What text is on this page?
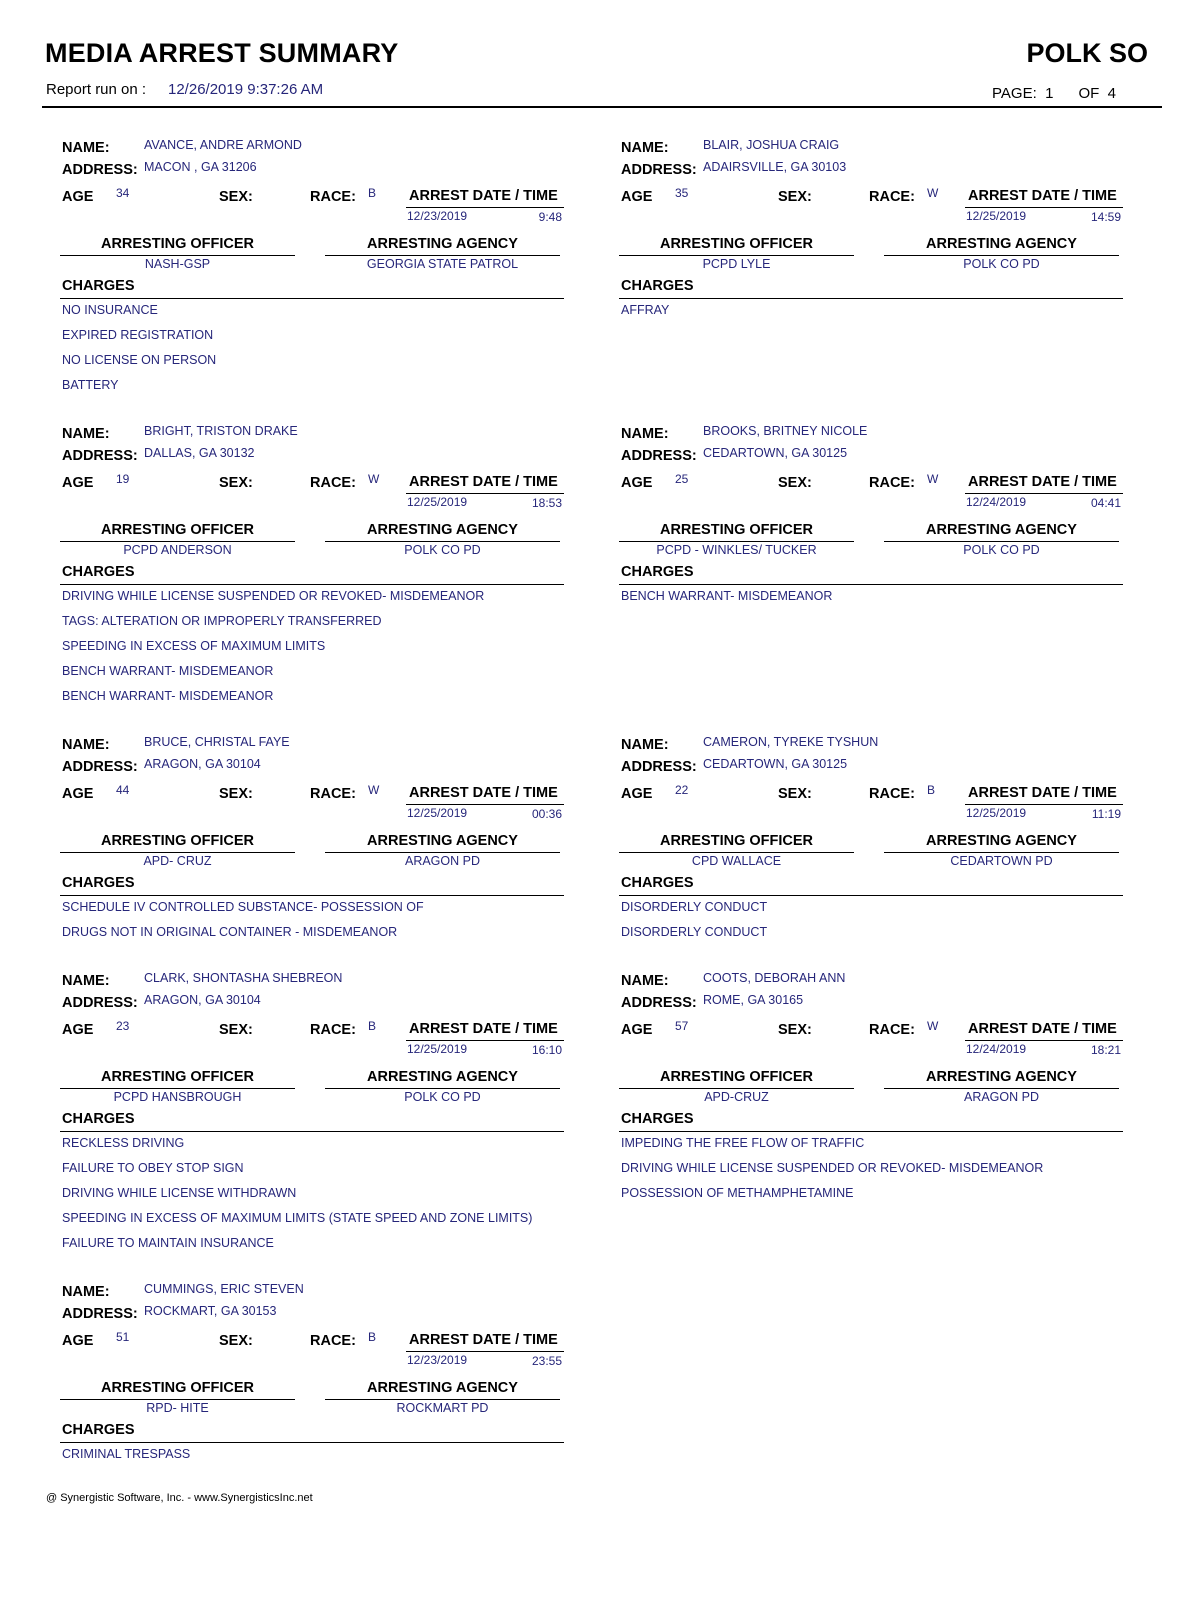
MEDIA ARREST SUMMARY	POLK SO
Report run on : 12/26/2019 9:37:26 AM	PAGE: 1 OF 4
NAME:	AVANCE, ANDRE ARMOND
ADDRESS: MACON , GA 31206
AGE 34	SEX:	RACE: B ARREST DATE / TIME
12/23/2019	9:48
ARRESTING OFFICER
NASH-GSP
ARRESTING AGENCY
GEORGIA STATE PATROL
CHARGES
NO INSURANCE
EXPIRED REGISTRATION
NO LICENSE ON PERSON
BATTERY
NAME:	BLAIR, JOSHUA CRAIG
ADDRESS: ADAIRSVILLE, GA 30103
AGE 35	SEX:	RACE: W ARREST DATE / TIME
12/25/2019	14:59
ARRESTING OFFICER
PCPD LYLE
ARRESTING AGENCY
POLK CO PD
CHARGES
AFFRAY
NAME:	BRIGHT, TRISTON DRAKE
ADDRESS: DALLAS, GA 30132
AGE 19	SEX:	RACE: W ARREST DATE / TIME
12/25/2019	18:53
ARRESTING OFFICER
PCPD ANDERSON
ARRESTING AGENCY
POLK CO PD
CHARGES
DRIVING WHILE LICENSE SUSPENDED OR REVOKED- MISDEMEANOR
TAGS: ALTERATION OR IMPROPERLY TRANSFERRED
SPEEDING IN EXCESS OF MAXIMUM LIMITS
BENCH WARRANT- MISDEMEANOR
BENCH WARRANT- MISDEMEANOR
NAME:	BROOKS, BRITNEY NICOLE
ADDRESS: CEDARTOWN, GA 30125
AGE 25	SEX:	RACE: W ARREST DATE / TIME
12/24/2019	04:41
ARRESTING OFFICER
PCPD - WINKLES/ TUCKER
ARRESTING AGENCY
POLK CO PD
CHARGES
BENCH WARRANT- MISDEMEANOR
NAME:	BRUCE, CHRISTAL FAYE
ADDRESS: ARAGON, GA 30104
AGE 44	SEX:	RACE: W ARREST DATE / TIME
12/25/2019	00:36
ARRESTING OFFICER
APD- CRUZ
ARRESTING AGENCY
ARAGON PD
CHARGES
SCHEDULE IV CONTROLLED SUBSTANCE- POSSESSION OF
DRUGS NOT IN ORIGINAL CONTAINER - MISDEMEANOR
NAME:	CAMERON, TYREKE TYSHUN
ADDRESS: CEDARTOWN, GA 30125
AGE 22	SEX:	RACE: B ARREST DATE / TIME
12/25/2019	11:19
ARRESTING OFFICER
CPD WALLACE
ARRESTING AGENCY
CEDARTOWN PD
CHARGES
DISORDERLY CONDUCT
DISORDERLY CONDUCT
NAME:	CLARK, SHONTASHA SHEBREON
ADDRESS: ARAGON, GA 30104
AGE 23	SEX:	RACE: B ARREST DATE / TIME
12/25/2019	16:10
ARRESTING OFFICER
PCPD HANSBROUGH
ARRESTING AGENCY
POLK CO PD
CHARGES
RECKLESS DRIVING
FAILURE TO OBEY STOP SIGN
DRIVING WHILE LICENSE WITHDRAWN
SPEEDING IN EXCESS OF MAXIMUM LIMITS (STATE SPEED AND ZONE LIMITS)
FAILURE TO MAINTAIN INSURANCE
NAME:	COOTS, DEBORAH ANN
ADDRESS: ROME, GA 30165
AGE 57	SEX:	RACE: W ARREST DATE / TIME
12/24/2019	18:21
ARRESTING OFFICER
APD-CRUZ
ARRESTING AGENCY
ARAGON PD
CHARGES
IMPEDING THE FREE FLOW OF TRAFFIC
DRIVING WHILE LICENSE SUSPENDED OR REVOKED- MISDEMEANOR
POSSESSION OF METHAMPHETAMINE
NAME:	CUMMINGS, ERIC STEVEN
ADDRESS: ROCKMART, GA 30153
AGE 51	SEX:	RACE: B ARREST DATE / TIME
12/23/2019	23:55
ARRESTING OFFICER
RPD- HITE
ARRESTING AGENCY
ROCKMART PD
CHARGES
CRIMINAL TRESPASS
@ Synergistic Software, Inc. - www.SynergisticsInc.net
